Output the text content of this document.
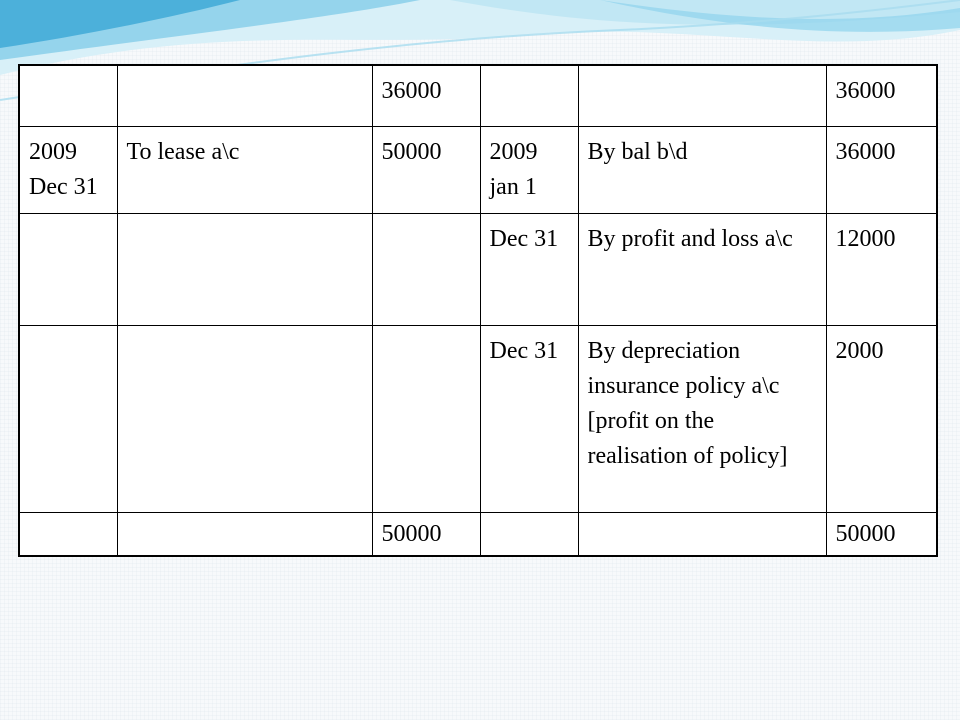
		36000			36000
2009 Dec 31	To lease a\c	50000	2009 jan 1	By bal b\d	36000
			Dec 31	By profit and loss a\c	12000
			Dec 31	By depreciation insurance policy a\c [profit on the realisation of policy]	2000
		50000			50000
